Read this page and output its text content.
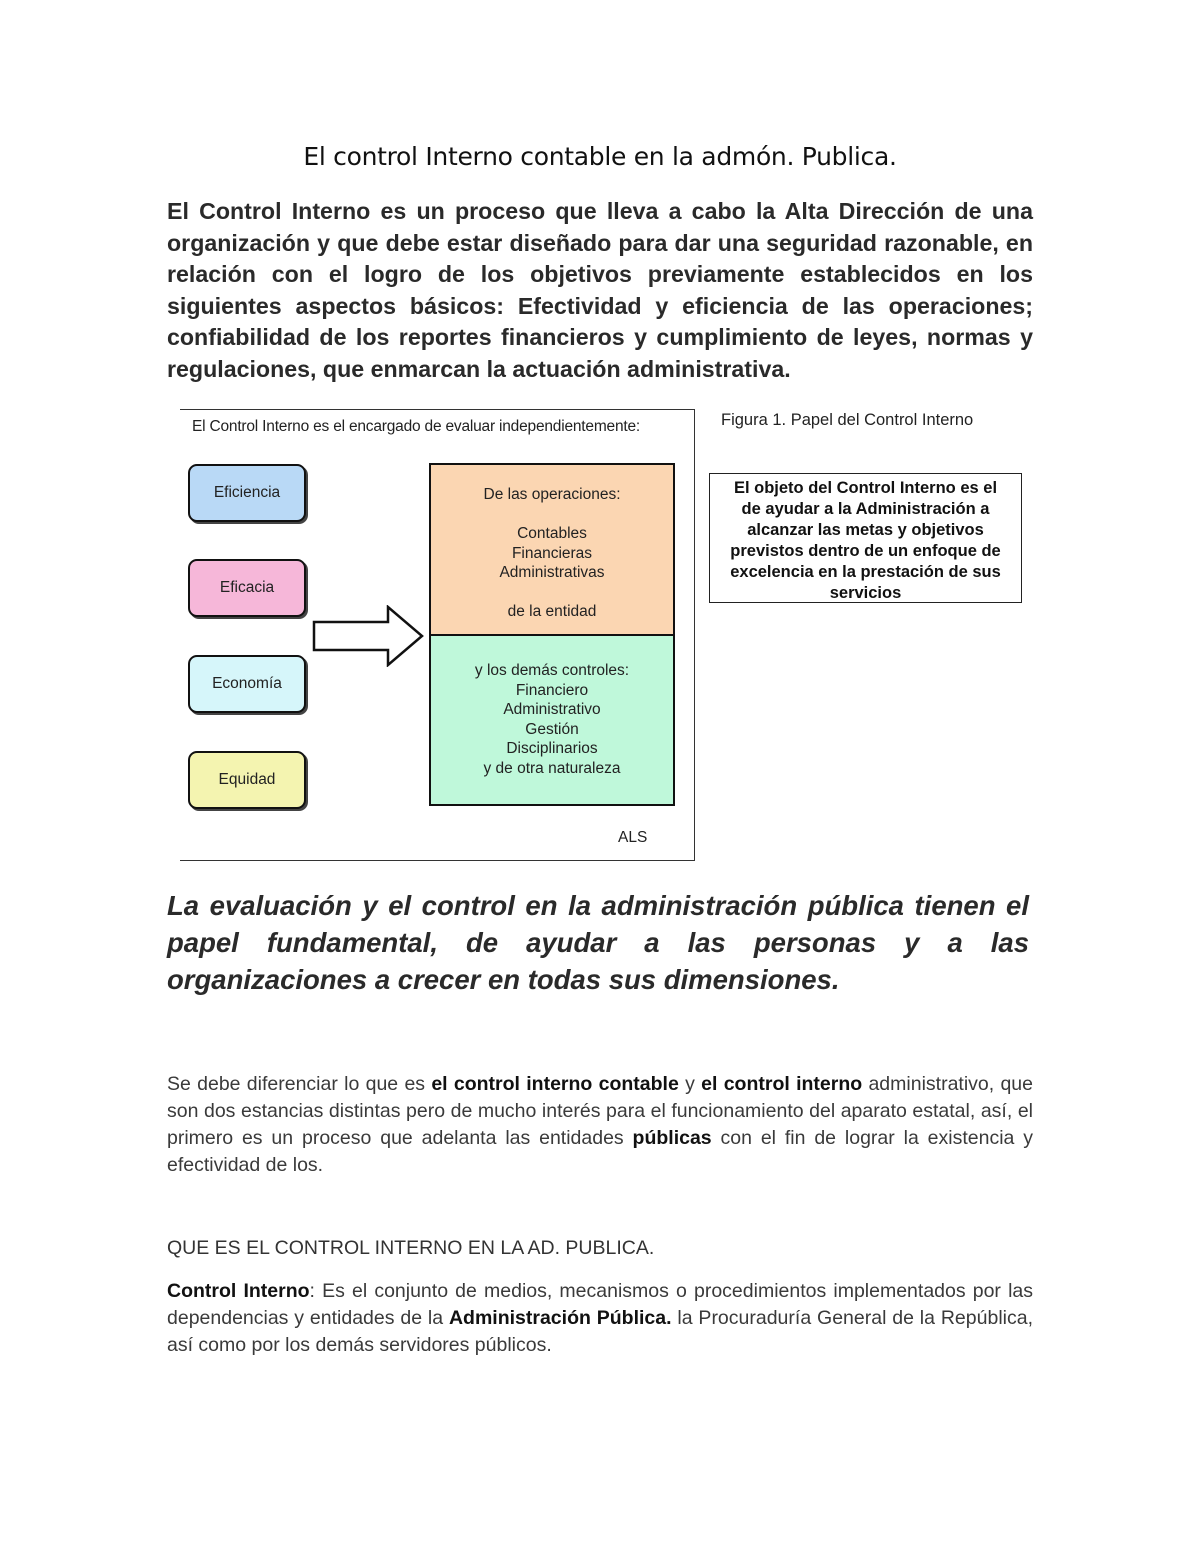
El control Interno contable en la admón. Publica.
El Control Interno es un proceso que lleva a cabo la Alta Dirección de una organización y que debe estar diseñado para dar una seguridad razonable, en relación con el logro de los objetivos previamente establecidos en los siguientes aspectos básicos: Efectividad y eficiencia de las operaciones; confiabilidad de los reportes financieros y cumplimiento de leyes, normas y regulaciones, que enmarcan la actuación administrativa.
El Control Interno es el encargado de evaluar independientemente:
Eficiencia
Eficacia
Economía
Equidad
De las operaciones:
Contables
Financieras
Administrativas
de la entidad
y los demás controles:
Financiero
Administrativo
Gestión
Disciplinarios
y de otra naturaleza
ALS
Figura 1. Papel del Control Interno
El objeto del Control Interno es el
de ayudar a la Administración a
alcanzar las metas y objetivos
previstos dentro de un enfoque de
excelencia en la prestación de sus
servicios
La evaluación y el control en la administración pública tienen el papel fundamental, de ayudar a las personas y a las organizaciones a crecer en todas sus dimensiones.
Se debe diferenciar lo que es el control interno contable y el control interno administrativo, que son dos estancias distintas pero de mucho interés para el funcionamiento del aparato estatal, así, el primero es un proceso que adelanta las entidades públicas con el fin de lograr la existencia y efectividad de los.
QUE ES EL CONTROL INTERNO EN LA AD. PUBLICA.
Control Interno: Es el conjunto de medios, mecanismos o procedimientos implementados por las dependencias y entidades de la Administración Pública. la Procuraduría General de la República, así como por los demás servidores públicos.
